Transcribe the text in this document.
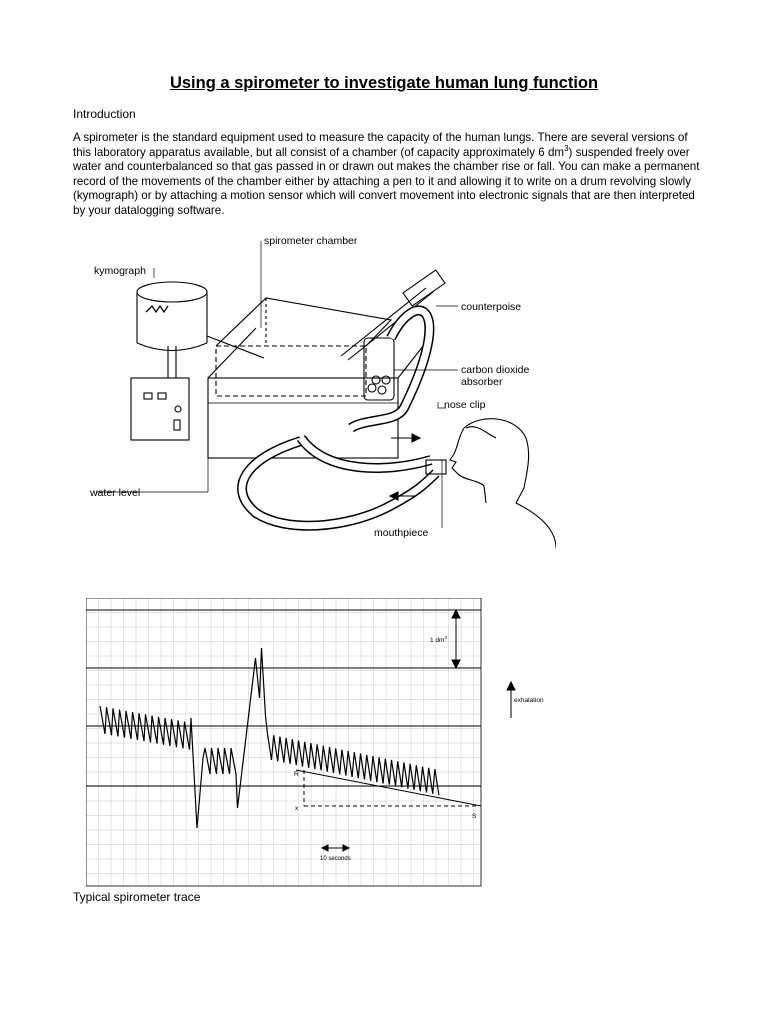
Using a spirometer to investigate human lung function
Introduction
A spirometer is the standard equipment used to measure the capacity of the human lungs. There are several versions of this laboratory apparatus available, but all consist of a chamber (of capacity approximately 6 $dm^3$) suspended freely over water and counterbalanced so that gas passed in or drawn out makes the chamber rise or fall. You can make a permanent record of the movements of the chamber either by attaching a pen to it and allowing it to write on a drum revolving slowly (kymograph) or by attaching a motion sensor which will convert movement into electronic signals that are then interpreted by your datalogging software.
spirometer chamber
kymograph
counterpoise
carbon dioxide
absorber
nose clip
water level
mouthpiece
1 $dm^3$
exhalation
R
x
S
10 seconds
Typical spirometer trace
